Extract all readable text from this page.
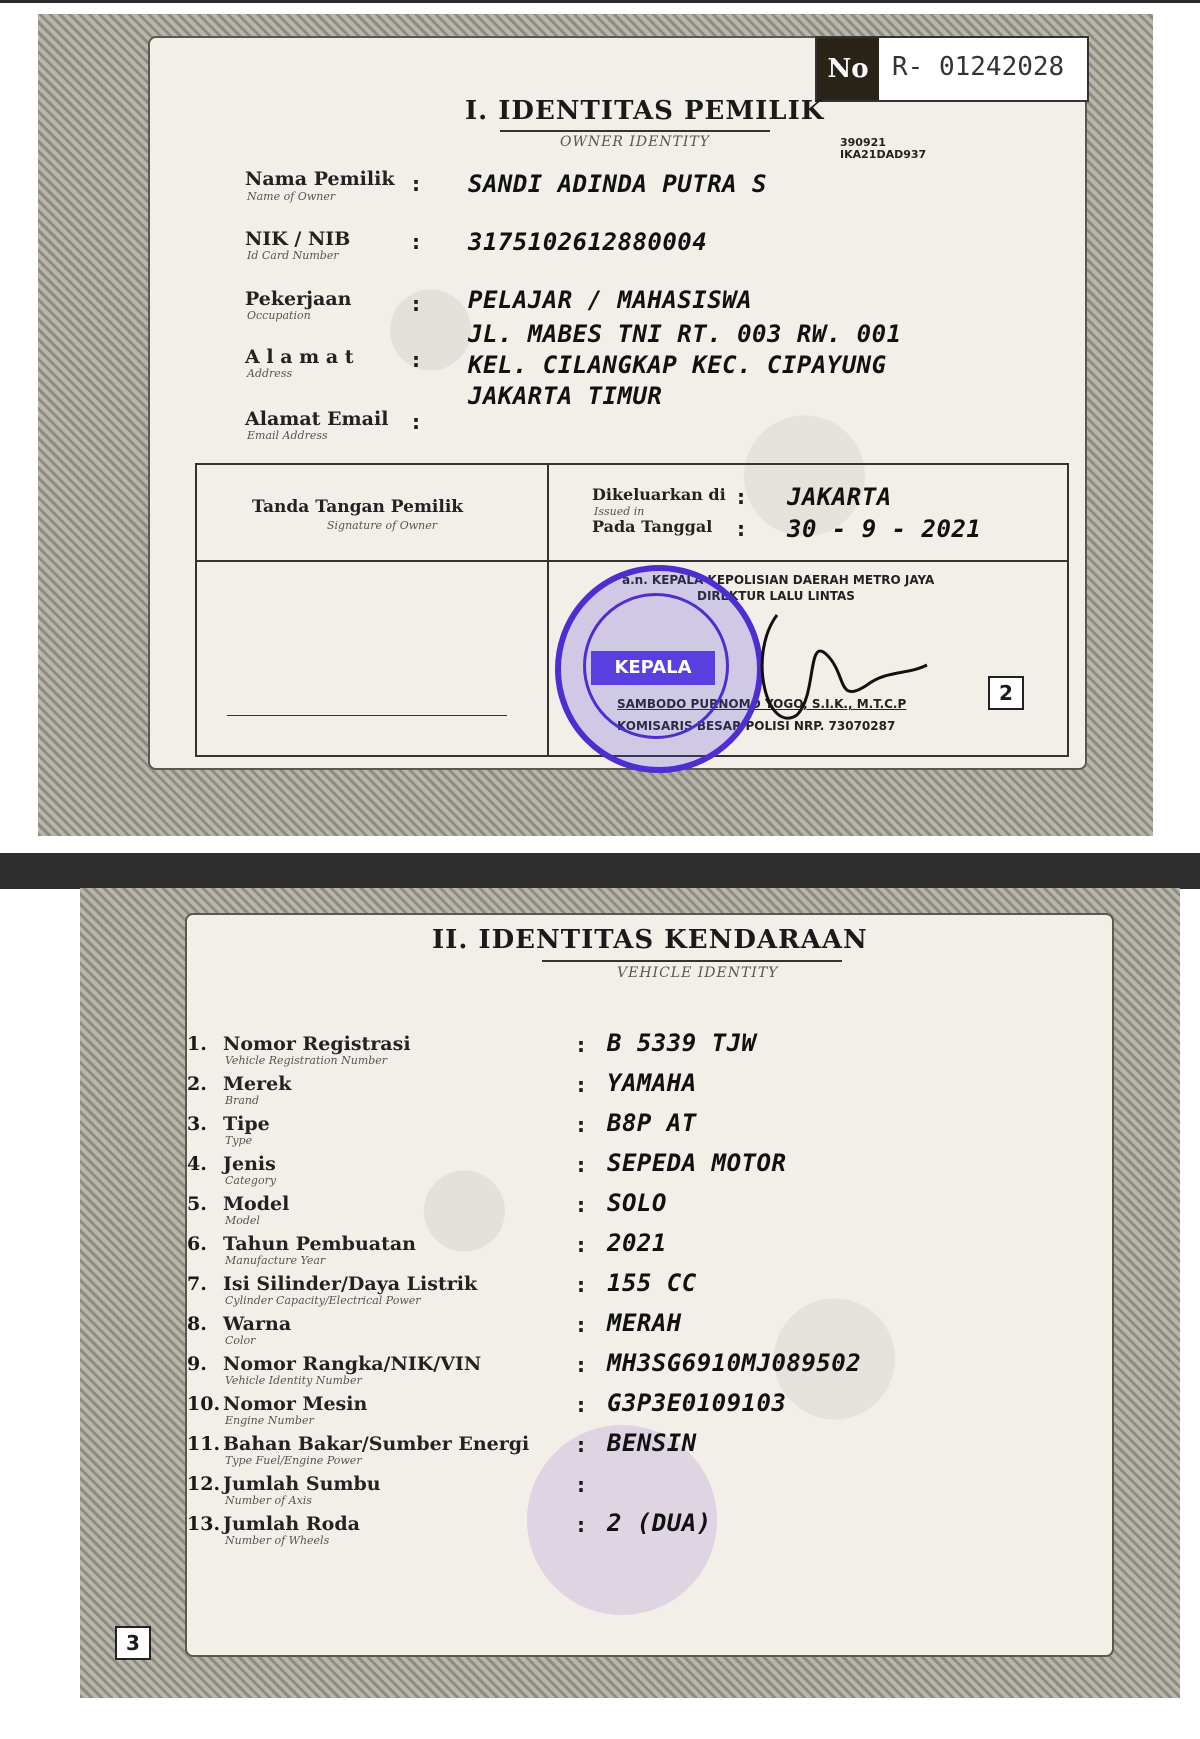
No R- 01242028
390921
IKA21DAD937
I. IDENTITAS PEMILIK
OWNER IDENTITY
Nama Pemilik
Name of Owner
: SANDI ADINDA PUTRA S
NIK / NIB
Id Card Number
: 3175102612880004
Pekerjaan
Occupation	: PELAJAR / MAHASISWA
A l a m a t
Address
:
JL. MABES TNI RT. 003 RW. 001
KEL. CILANGKAP KEC. CIPAYUNG
JAKARTA TIMUR
Alamat Email
Email Address
:
Tanda Tangan Pemilik
Signature of Owner
Dikeluarkan di
Issued in
: JAKARTA
Pada Tanggal : 30 - 9 - 2021
a.n. KEPALA KEPOLISIAN DAERAH METRO JAYA
DIREKTUR LALU LINTAS
SAMBODO PURNOMO YOGO, S.I.K., M.T.C.P
KOMISARIS BESAR POLISI NRP. 73070287
KEPALA
2
II. IDENTITAS KENDARAAN
VEHICLE IDENTITY
1. Nomor Registrasi
Vehicle Registration Number
: B 5339 TJW
2. Merek
Brand
: YAMAHA
3. Tipe
Type
: B8P AT
4. Jenis
Category
: SEPEDA MOTOR
5. Model
Model
: SOLO
6. Tahun Pembuatan
Manufacture Year
: 2021
7. Isi Silinder/Daya Listrik
Cylinder Capacity/Electrical Power
: 155 CC
8. Warna
Color
: MERAH
9. Nomor Rangka/NIK/VIN
Vehicle Identity Number
: MH3SG6910MJ089502
10. Nomor Mesin
Engine Number
: G3P3E0109103
11. Bahan Bakar/Sumber Energi
Type Fuel/Engine Power
: BENSIN
12. Jumlah Sumbu
Number of Axis
:
13. Jumlah Roda
Number of Wheels
: 2 (DUA)
3
